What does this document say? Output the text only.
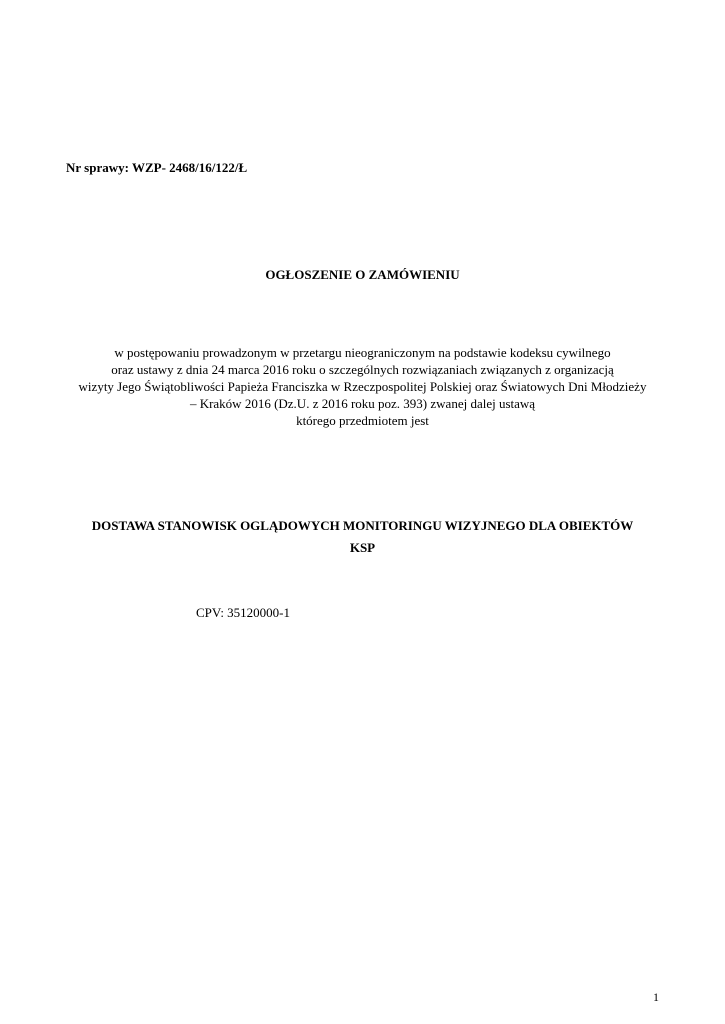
Nr sprawy: WZP- 2468/16/122/Ł
OGŁOSZENIE O ZAMÓWIENIU
w postępowaniu prowadzonym w przetargu nieograniczonym na podstawie kodeksu cywilnego
oraz ustawy z dnia 24 marca 2016 roku o szczególnych rozwiązaniach związanych z organizacją
wizyty Jego Świątobliwości Papieża Franciszka w Rzeczpospolitej Polskiej oraz Światowych Dni Młodzieży
– Kraków 2016 (Dz.U. z 2016 roku poz. 393) zwanej dalej ustawą
którego przedmiotem jest
DOSTAWA STANOWISK OGLĄDOWYCH MONITORINGU WIZYJNEGO DLA OBIEKTÓW
KSP
CPV: 35120000-1
1
